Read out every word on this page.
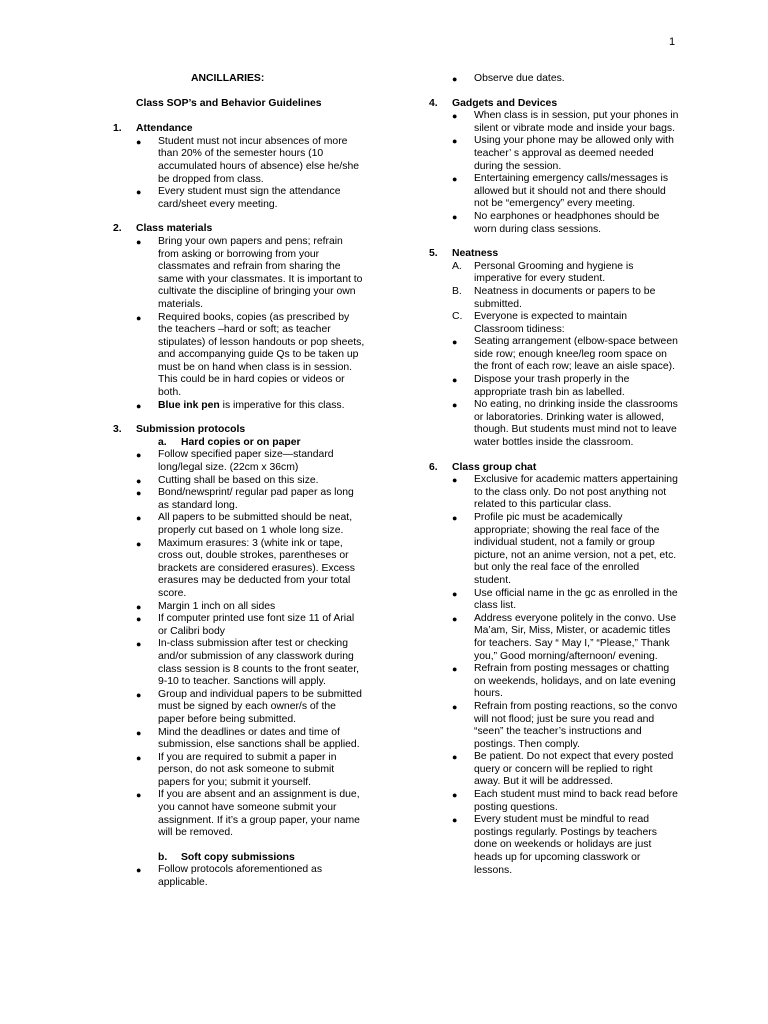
1
ANCILLARIES:
Class SOP’s and Behavior Guidelines
1.	Attendance
●	Student must not incur absences of more than 20% of the semester hours (10 accumulated hours of absence) else he/she be dropped from class.
●	Every student must sign the attendance card/sheet every meeting.
2.	Class materials
●	Bring your own papers and pens; refrain from asking or borrowing from your classmates and refrain from sharing the same with your classmates. It is important to cultivate the discipline of bringing your own materials.
●	Required books, copies (as prescribed by the teachers –hard or soft; as teacher stipulates) of lesson handouts or pop sheets, and accompanying guide Qs to be taken up must be on hand when class is in session. This could be in hard copies or videos or both.
●	Blue ink pen is imperative for this class.
3.	Submission protocols
a.	Hard copies or on paper
●	Follow specified paper size—standard long/legal size. (22cm x 36cm)
●	Cutting shall be based on this size.
●	Bond/newsprint/ regular pad paper as long as standard long.
●	All papers to be submitted should be neat, properly cut based on 1 whole long size.
●	Maximum erasures: 3 (white ink or tape, cross out, double strokes, parentheses or brackets are considered erasures). Excess erasures may be deducted from your total score.
●	Margin 1 inch on all sides
●	If computer printed use font size 11 of Arial or Calibri body
●	In-class submission after test or checking and/or submission of any classwork during class session is 8 counts to the front seater, 9-10 to teacher. Sanctions will apply.
●	Group and individual papers to be submitted must be signed by each owner/s of the paper before being submitted.
●	Mind the deadlines or dates and time of submission, else sanctions shall be applied.
●	If you are required to submit a paper in person, do not ask someone to submit papers for you; submit it yourself.
●	If you are absent and an assignment is due, you cannot have someone submit your assignment. If it’s a group paper, your name will be removed.
b.	Soft copy submissions
●	Follow protocols aforementioned as applicable.
●	Observe due dates.
4.	Gadgets and Devices
●	When class is in session, put your phones in silent or vibrate mode and inside your bags.
●	Using your phone may be allowed only with teacher’ s approval as deemed needed during the session.
●	Entertaining emergency calls/messages is allowed but it should not and there should not be “emergency” every meeting.
●	No earphones or headphones should be worn during class sessions.
5.	Neatness
A.	Personal Grooming and hygiene is imperative for every student.
B.	Neatness in documents or papers to be submitted.
C.	Everyone is expected to maintain Classroom tidiness:
●	Seating arrangement (elbow-space between side row; enough knee/leg room space on the front of each row; leave an aisle space).
●	Dispose your trash properly in the appropriate trash bin as labelled.
●	No eating, no drinking inside the classrooms or laboratories. Drinking water is allowed, though. But students must mind not to leave water bottles inside the classroom.
6.	Class group chat
●	Exclusive for academic matters appertaining to the class only. Do not post anything not related to this particular class.
●	Profile pic must be academically appropriate; showing the real face of the individual student, not a family or group picture, not an anime version, not a pet, etc. but only the real face of the enrolled student.
●	Use official name in the gc as enrolled in the class list.
●	Address everyone politely in the convo. Use Ma’am, Sir, Miss, Mister, or academic titles for teachers. Say “ May I,” “Please,” Thank you,” Good morning/afternoon/ evening.
●	Refrain from posting messages or chatting on weekends, holidays, and on late evening hours.
●	Refrain from posting reactions, so the convo will not flood; just be sure you read and “seen” the teacher’s instructions and postings. Then comply.
●	Be patient. Do not expect that every posted query or concern will be replied to right away. But it will be addressed.
●	Each student must mind to back read before posting questions.
●	Every student must be mindful to read postings regularly. Postings by teachers done on weekends or holidays are just heads up for upcoming classwork or lessons.
